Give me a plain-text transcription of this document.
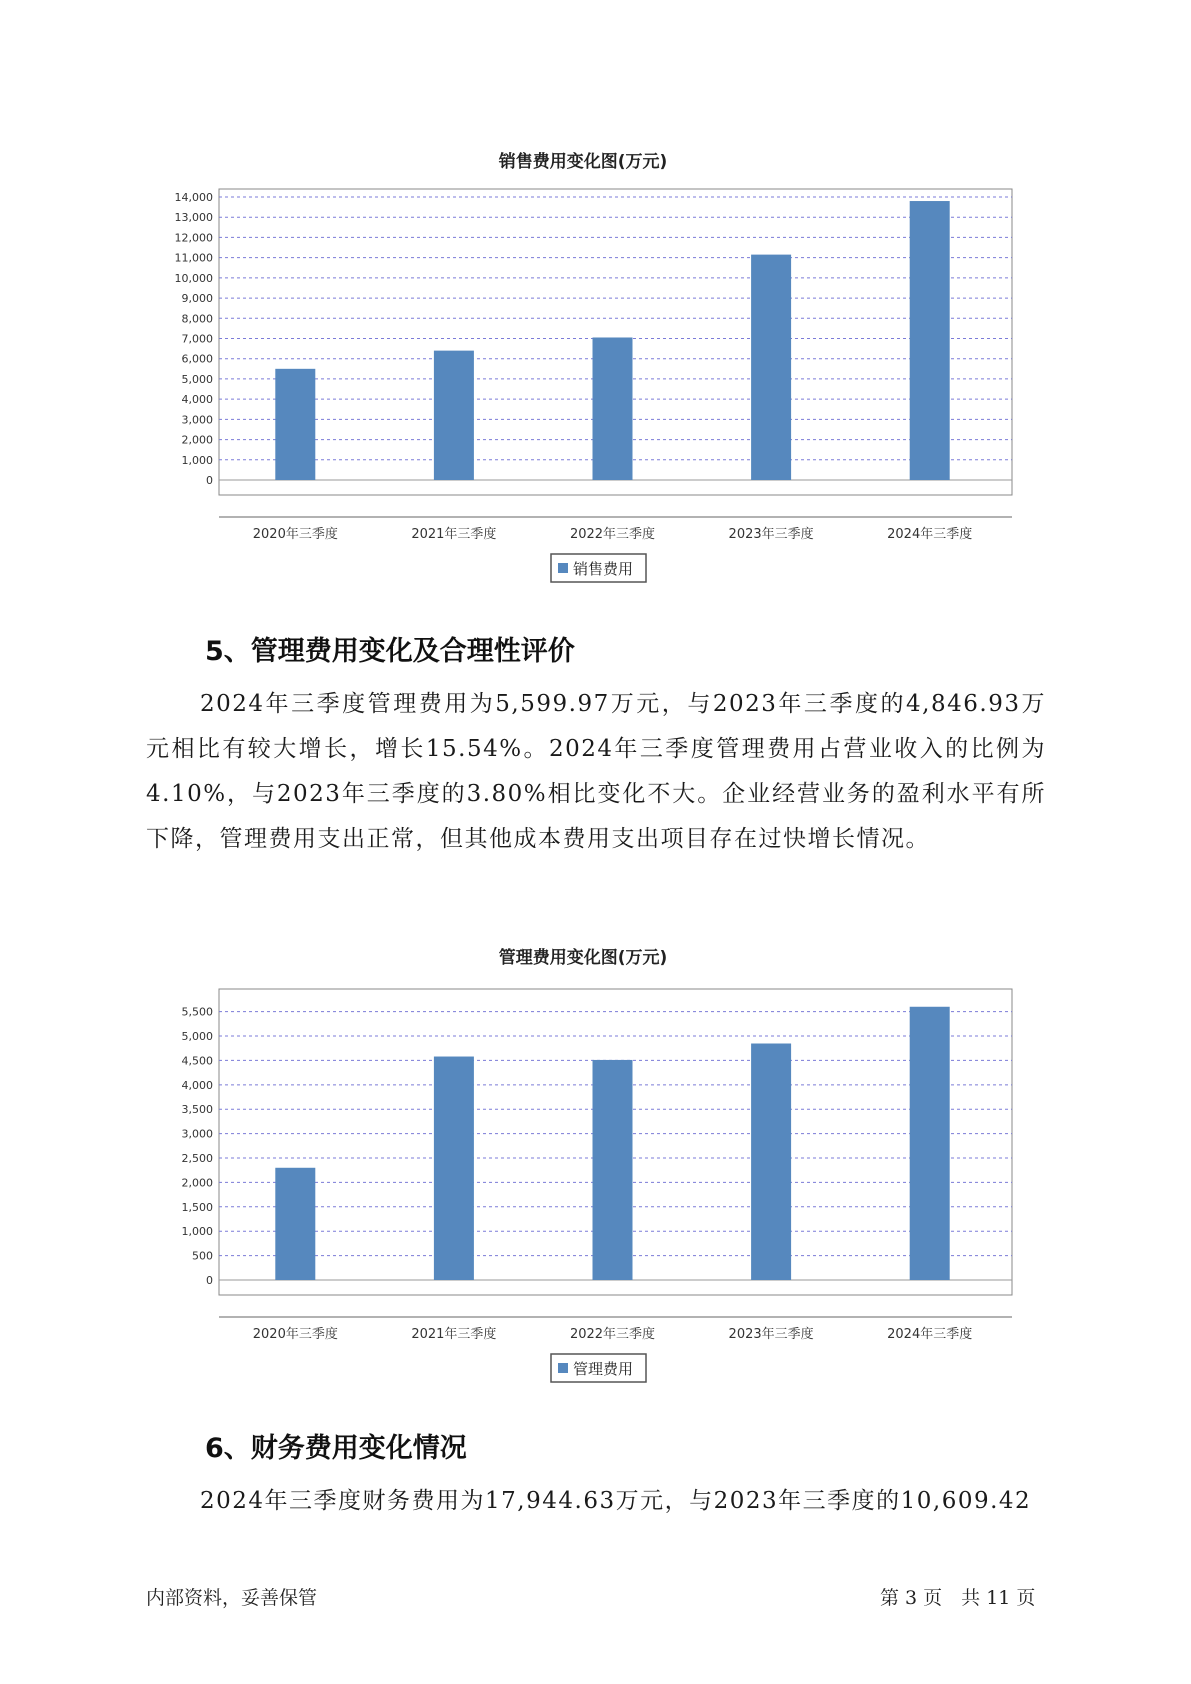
销售费用变化图(万元)
0
1,000
2,000
3,000
4,000
5,000
6,000
7,000
8,000
9,000
10,000
11,000
12,000
13,000
14,000
2020年三季度	2021年三季度	2022年三季度	2023年三季度	2024年三季度
销售费用
5、管理费用变化及合理性评价

2024年三季度管理费用为5,599.97万元，与2023年三季度的4,846.93万元相比有较大增长，增长15.54%。2024年三季度管理费用占营业收入的比例为4.10%，与2023年三季度的3.80%相比变化不大。企业经营业务的盈利水平有所下降，管理费用支出正常，但其他成本费用支出项目存在过快增长情况。

管理费用变化图(万元)
0
500
1,000
1,500
2,000
2,500
3,000
3,500
4,000
4,500
5,000
5,500
2020年三季度	2021年三季度	2022年三季度	2023年三季度	2024年三季度
管理费用
6、财务费用变化情况

2024年三季度财务费用为17,944.63万元，与2023年三季度的10,609.42

内部资料，妥善保管	第 3 页　共 11 页
